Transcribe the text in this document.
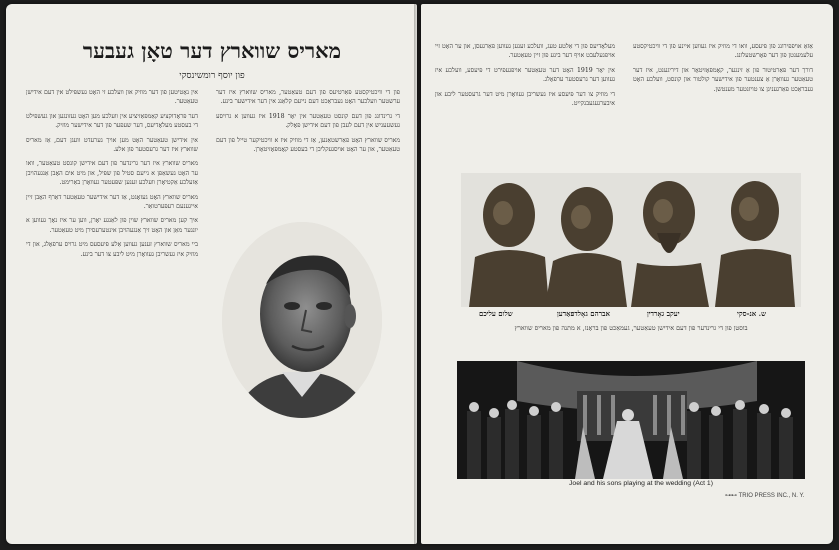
מאריס שווארץ דער טאָן געבער
פון יוסף רומשינסקי

אין נאָטיטען פון דער מוזיק און וועלכע זי האָט געשפּילט אין דעם אידישן טעאַטער.

דער פּראָדוקציע קאַמפּאַזיציע אין וועלכע מען האָט געזונגען און געשפּילט די בעסטע מעלאָדיעס, דער שעפער פון דער אידישער מוזיק.

אין אידישן טעאַטער האָט מען אויך גערעדט וועגן דעם, אַז מאריס שווארץ איז דער גרעסטער פון אלע.

מאריס שווארץ איז דער גרינדער פון דעם אידישן קונסט טעאַטער, וואו ער האָט געשאַפן א נייעם סטיל פון שפּיל, און מיט אים האָבן אַנגעהויבן אַזעלכע אַקטיאָרן וועלכע זענען שפּעטער געוואָרן באַרימט.

מאריס שווארץ האָט געזאָגט, אַז דער אידישער טעאַטער דאַרף האָבן זיין אייגענעם רעפּערטואַר.

איך קען מאריס שווארץ שוין פון לאַנגע יאָרן, ווען ער איז נאָך געווען א יונגער מאַן און האָט זיך אַנגעהויבן אינטערעסירן מיט טעאַטער.

ביי מאריס שווארץ זענען געווען אַלע פּיעסעס מיט גרויס ערפאָלג, און די מוזיק איז געשריבן געוואָרן מיט ליבע צו דער בינע.

פון די וויכטיקסטע פּאַרטיעס פון דעם טעאַטער, מאריס שווארץ איז דער ערשטער וועלכער האָט געבראַכט דעם נייעם קלאַנג אין דער אידישער בינע.

די גרינדונג פון דעם קונסט טעאַטער אין יאָר 1918 איז געווען א גרויסע געשעעניש אין דעם לעבן פון דעם אידישן פאָלק.

מאריס שווארץ האָט פאַרשטאַנען, אַז די מוזיק איז א וויכטיקער טייל פון דעם טעאַטער, און ער האָט אויסגעקליבן די בעסטע קאָמפּאָזיטאָרן.

מעלאָדיעס פון די אַלטע טעג, וועלכע זענען געווען פאַרגעסן, און ער האָט זיי אויפגעלעבט אויף דער בינע פון זיין טעאַטער.

אין יאָר 1919 האָט דער טעאַטער אויפגעפירט די פּיעסע, וועלכע איז געווען דער גרעסטער ערפאָלג.

די מוזיק צו דער פּיעסע איז געשריבן געוואָרן מיט דער גרעסטער ליבע און איבערגעגעבנקייט.

אַזאַ אויפפירונג פון פּיעסע, וואו די מוזיק איז געווען איינע פון די וויכטיקסטע עלעמענטן פון דער פאָרשטעלונג.

דורך דער פּאַרטיטור פון אַ זינגער, קאָמפּאָזיטאָר און דיריגענט, איז דער טעאַטער געוואָרן אַ צענטער פון אידישער קולטור און קונסט, וועלכע האָט געבראַכט פאַרגעניגן צו טויזנטער מענטשן.

שלום עליכם	אברהם גאָלדפאַדען	יעקב גאָרדין	ש. אנ-סקי
בוסטן פון די גרינדער פון דעם אידישן טעאַטער, געמאַכט פון בראָנז, א מתנה פון מאריס שווארץ
Joel and his sons playing at the wedding (Act 1)
⊶⊷ TRIO PRESS INC., N. Y.
